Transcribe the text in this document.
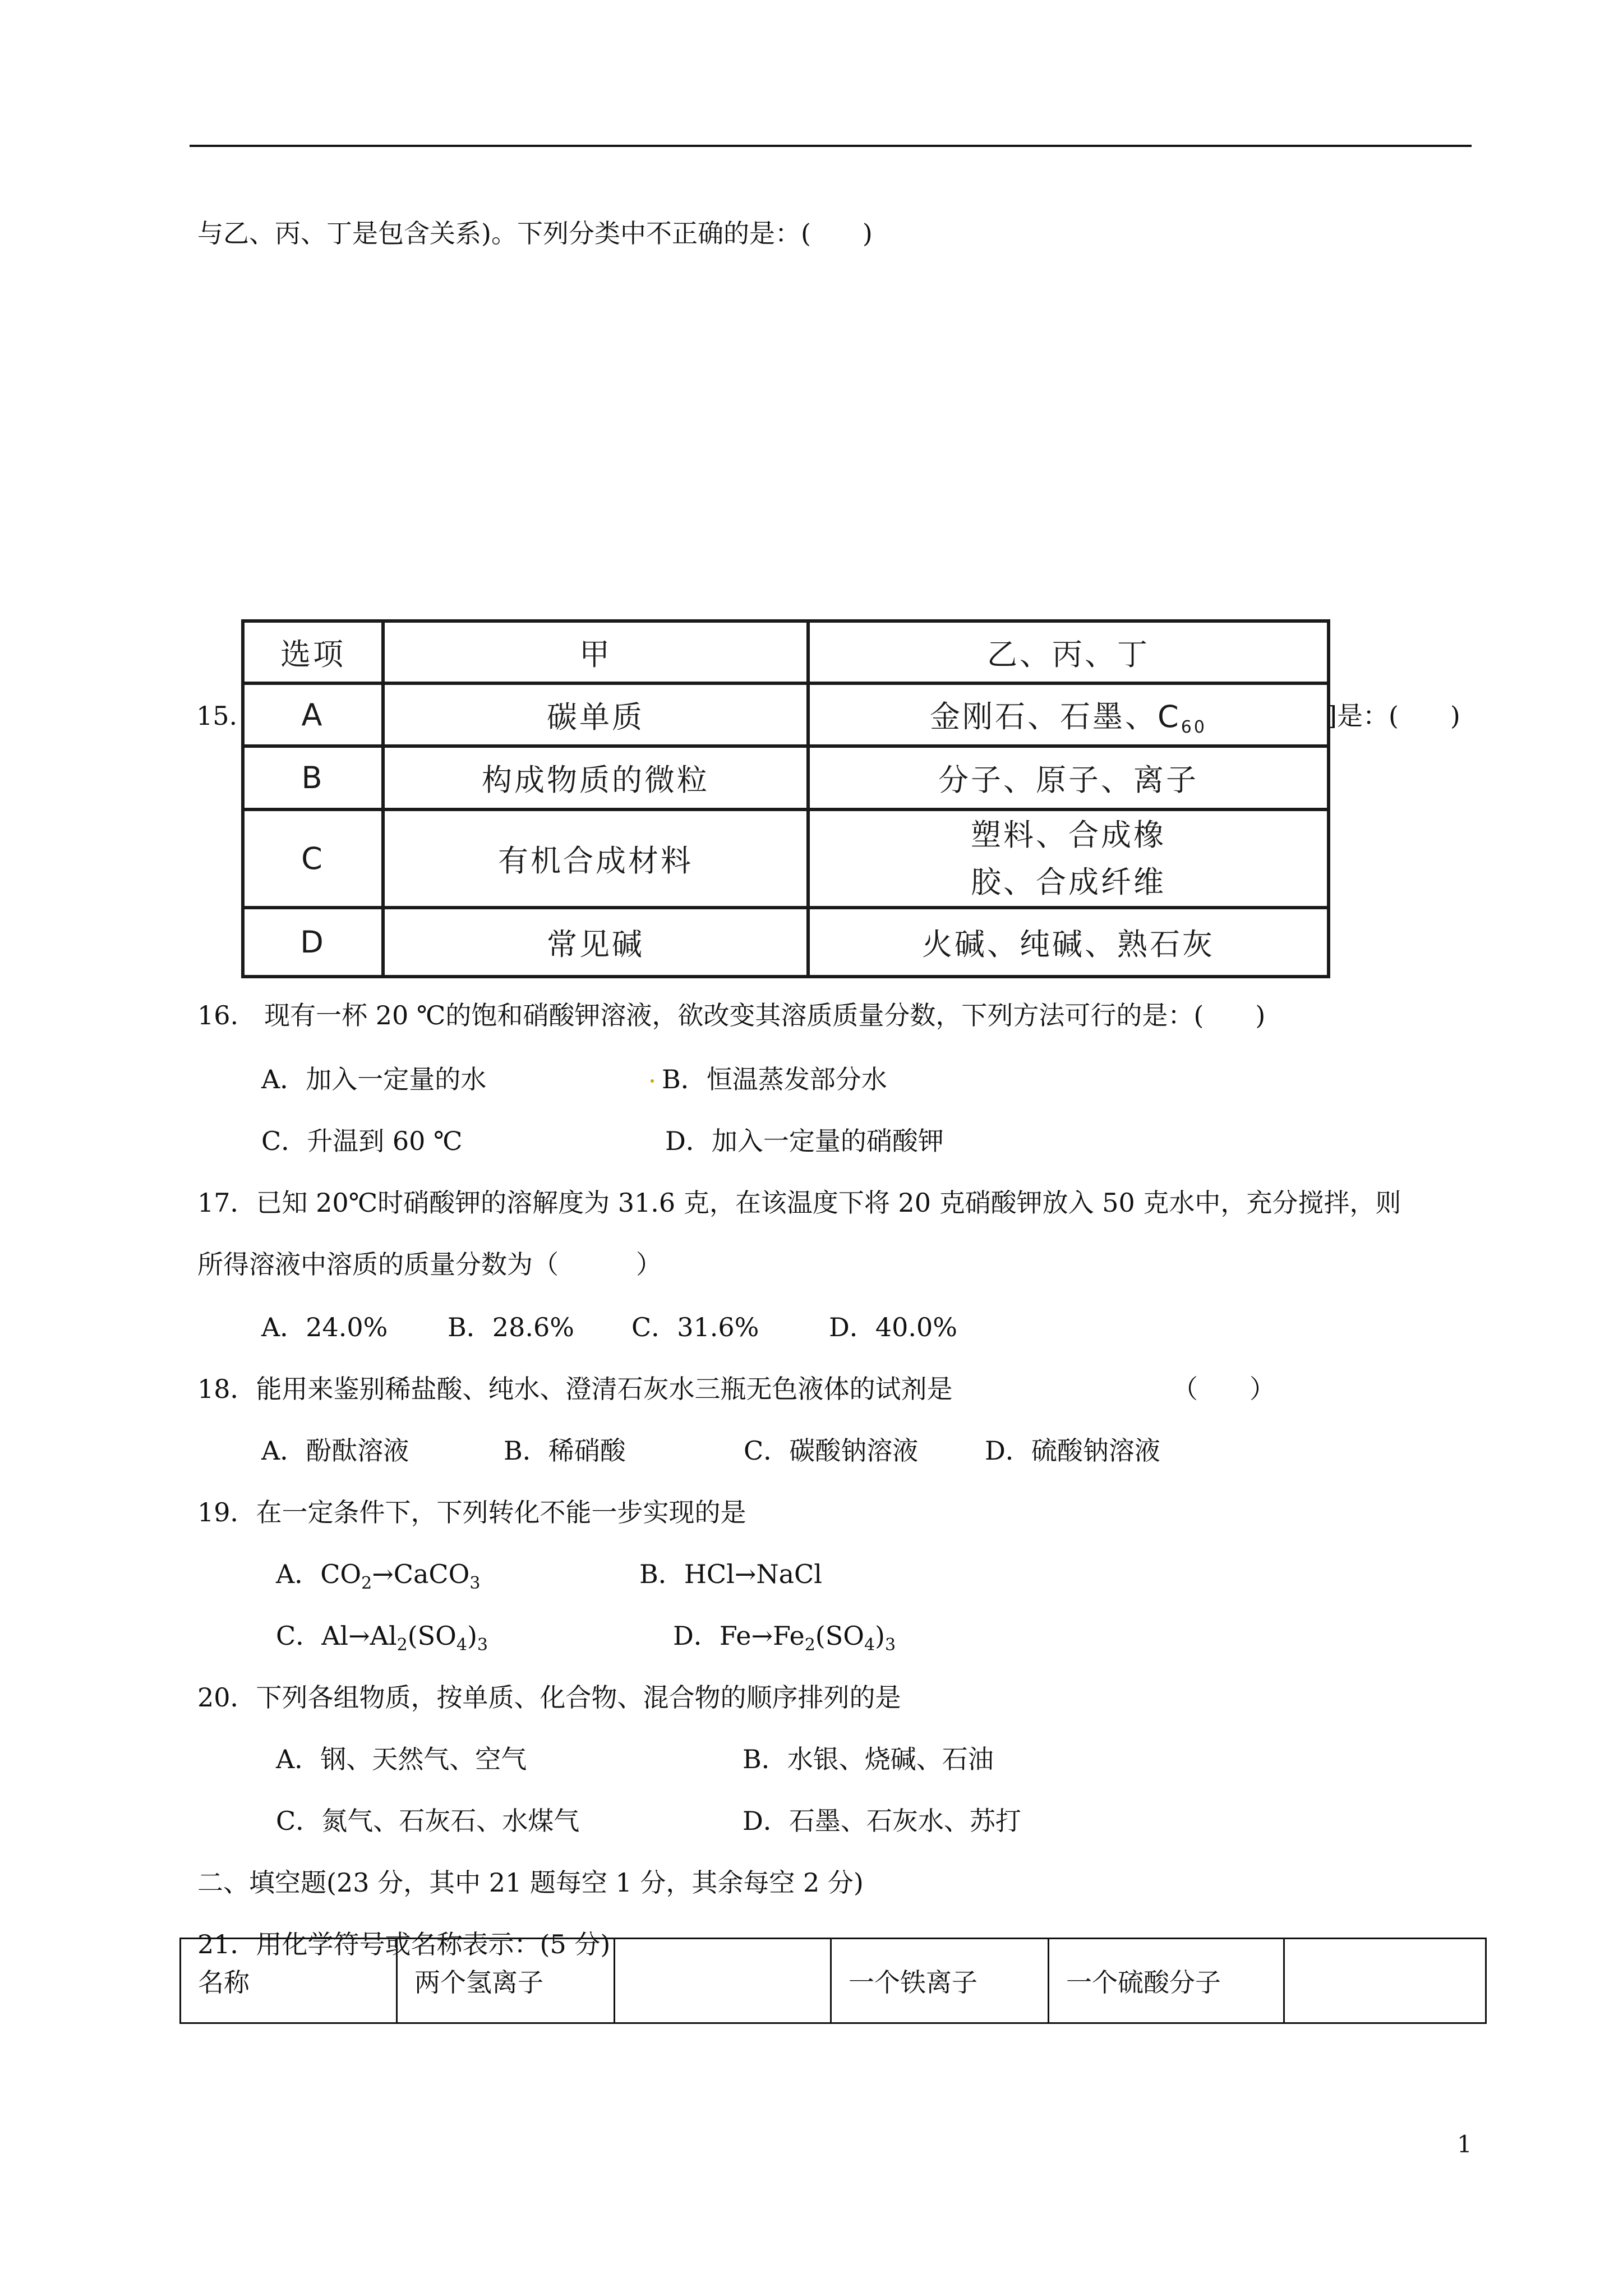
与乙、丙、丁是包含关系)。下列分类中不正确的是：(　　)
15.	]是：(　　)
选项	甲	乙、丙、丁
A	碳单质	金刚石、石墨、$C_{60}$
B	构成物质的微粒	分子、原子、离子
C	有机合成材料	塑料、合成橡
胶、合成纤维

D	常见碱	火碱、纯碱、熟石灰
16.　现有一杯 20 ℃的饱和硝酸钾溶液，欲改变其溶质质量分数，下列方法可行的是：(　　)
A．加入一定量的水	B．恒温蒸发部分水
C．升温到 60 ℃	D．加入一定量的硝酸钾
17．已知 20℃时硝酸钾的溶解度为 31.6 克，在该温度下将 20 克硝酸钾放入 50 克水中，充分搅拌，则
所得溶液中溶质的质量分数为（　　　）
A．24.0% B．28.6% C．31.6%	D．40.0%
18．能用来鉴别稀盐酸、纯水、澄清石灰水三瓶无色液体的试剂是	（　　）
A．酚酞溶液	B．稀硝酸	C．碳酸钠溶液	D．硫酸钠溶液
19．在一定条件下，下列转化不能一步实现的是
A．$CO_2\to CaCO_3$	B．HCl→NaCl
C．$Al\to Al_2(SO_4)_3$	D．$Fe\to Fe_2(SO_4)_3$
20．下列各组物质，按单质、化合物、混合物的顺序排列的是
A．钢、天然气、空气	B．水银、烧碱、石油
C．氮气、石灰石、水煤气	D．石墨、石灰水、苏打
二、填空题(23 分，其中 21 题每空 1 分，其余每空 2 分)
21．用化学符号或名称表示：(5 分)
名称	两个氢离子		一个铁离子	一个硫酸分子	
1
